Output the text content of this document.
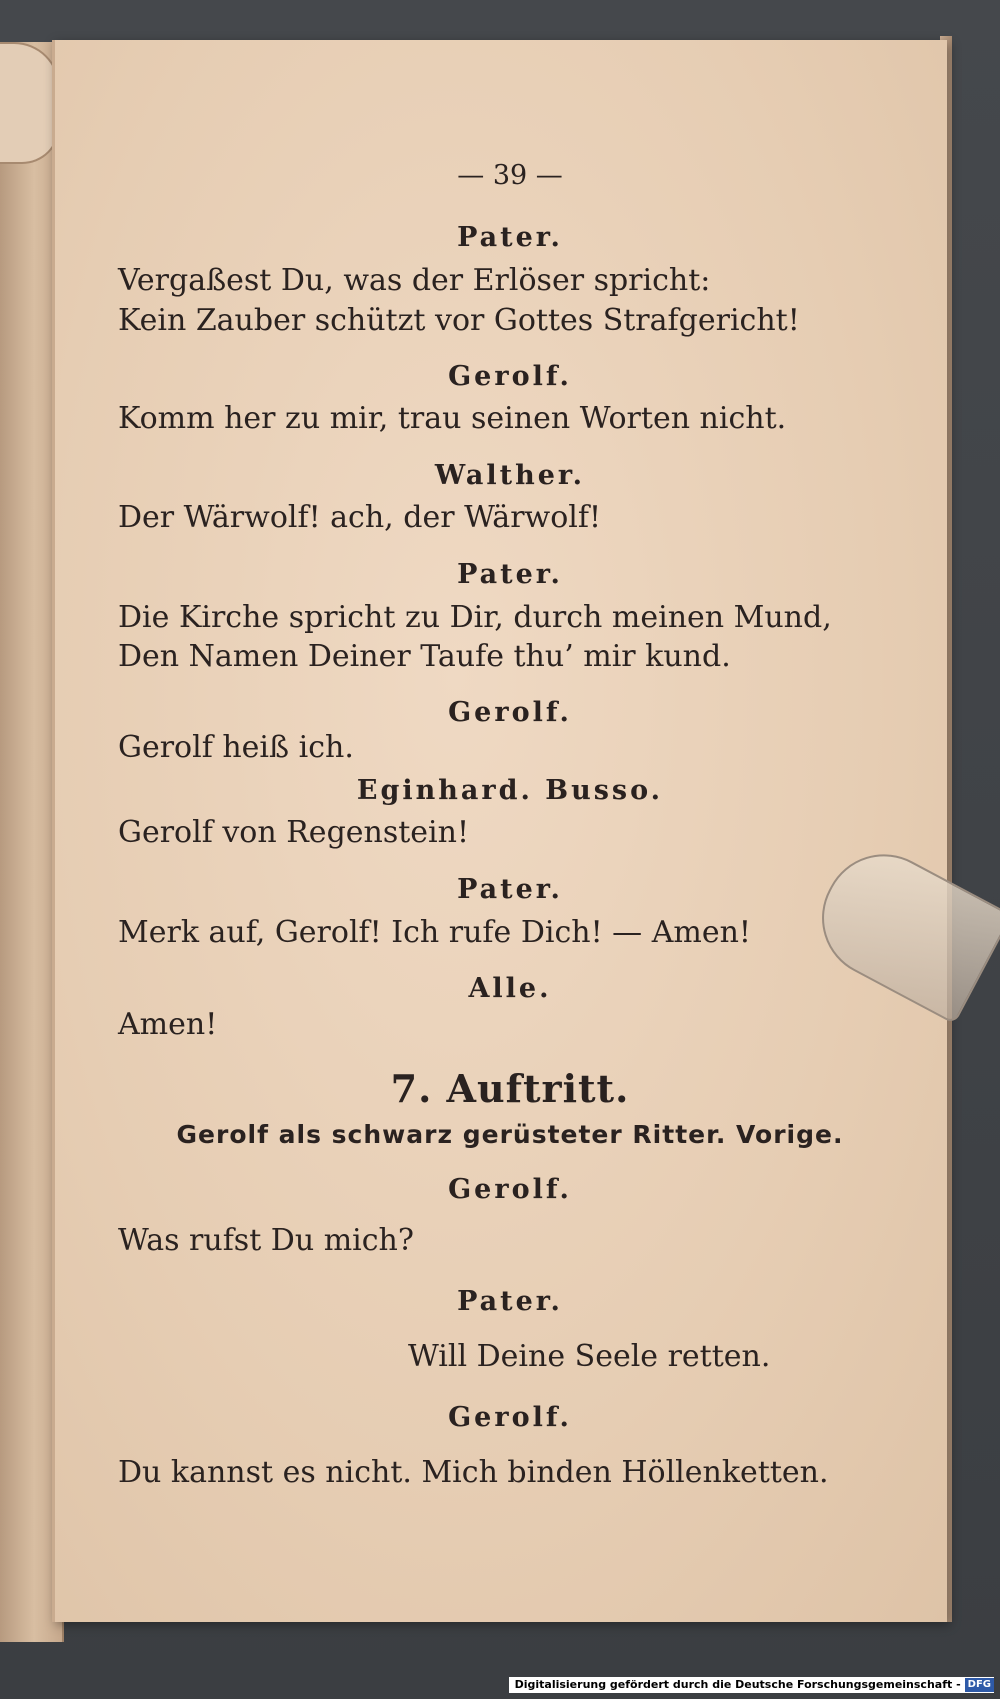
— 39 —
Pater.
Vergaßest Du, was der Erlöser spricht:
Kein Zauber schützt vor Gottes Strafgericht!
Gerolf.
Komm her zu mir, trau seinen Worten nicht.
Walther.
Der Wärwolf! ach, der Wärwolf!
Pater.
Die Kirche spricht zu Dir, durch meinen Mund,
Den Namen Deiner Taufe thu’ mir kund.
Gerolf.
Gerolf heiß ich.
Eginhard. Busso.
Gerolf von Regenstein!
Pater.
Merk auf, Gerolf! Ich rufe Dich! — Amen!
Alle.
Amen!
7. Auftritt.
Gerolf als schwarz gerüsteter Ritter. Vorige.
Gerolf.
Was rufst Du mich?
Pater.
Will Deine Seele retten.
Gerolf.
Du kannst es nicht. Mich binden Höllenketten.
Digitalisierung gefördert durch die Deutsche Forschungsgemeinschaft - DFG
